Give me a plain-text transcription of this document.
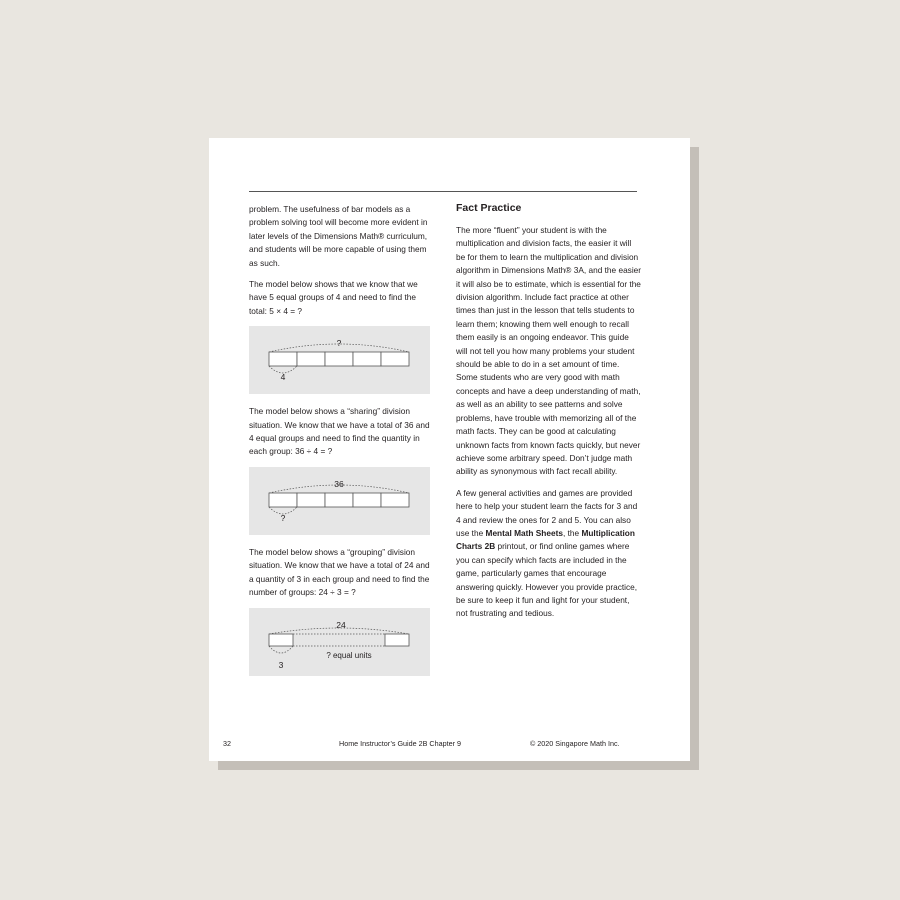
problem. The usefulness of bar models as a problem solving tool will become more evident in later levels of the Dimensions Math® curriculum, and students will be more capable of using them as such.

The model below shows that we know that we have 5 equal groups of 4 and need to find the total: 5 × 4 = ?

?
4

The model below shows a “sharing” division situation. We know that we have a total of 36 and 4 equal groups and need to find the quantity in each group: 36 ÷ 4 = ?

36
?

The model below shows a “grouping” division situation. We know that we have a total of 24 and a quantity of 3 in each group and need to find the number of groups: 24 ÷ 3 = ?

24
? equal units
3
Fact Practice

The more “fluent” your student is with the multiplication and division facts, the easier it will be for them to learn the multiplication and division algorithm in Dimensions Math® 3A, and the easier it will also be to estimate, which is essential for the division algorithm. Include fact practice at other times than just in the lesson that tells students to learn them; knowing them well enough to recall them easily is an ongoing endeavor. This guide will not tell you how many problems your student should be able to do in a set amount of time. Some students who are very good with math concepts and have a deep understanding of math, as well as an ability to see patterns and solve problems, have trouble with memorizing all of the math facts. They can be good at calculating unknown facts from known facts quickly, but never achieve some arbitrary speed. Don’t judge math ability as synonymous with fact recall ability.

A few general activities and games are provided here to help your student learn the facts for 3 and 4 and review the ones for 2 and 5. You can also use the Mental Math Sheets, the Multiplication Charts 2B printout, or find online games where you can specify which facts are included in the game, particularly games that encourage answering quickly. However you provide practice, be sure to keep it fun and light for your student, not frustrating and tedious.

32	Home Instructor’s Guide 2B Chapter 9	© 2020 Singapore Math Inc.
